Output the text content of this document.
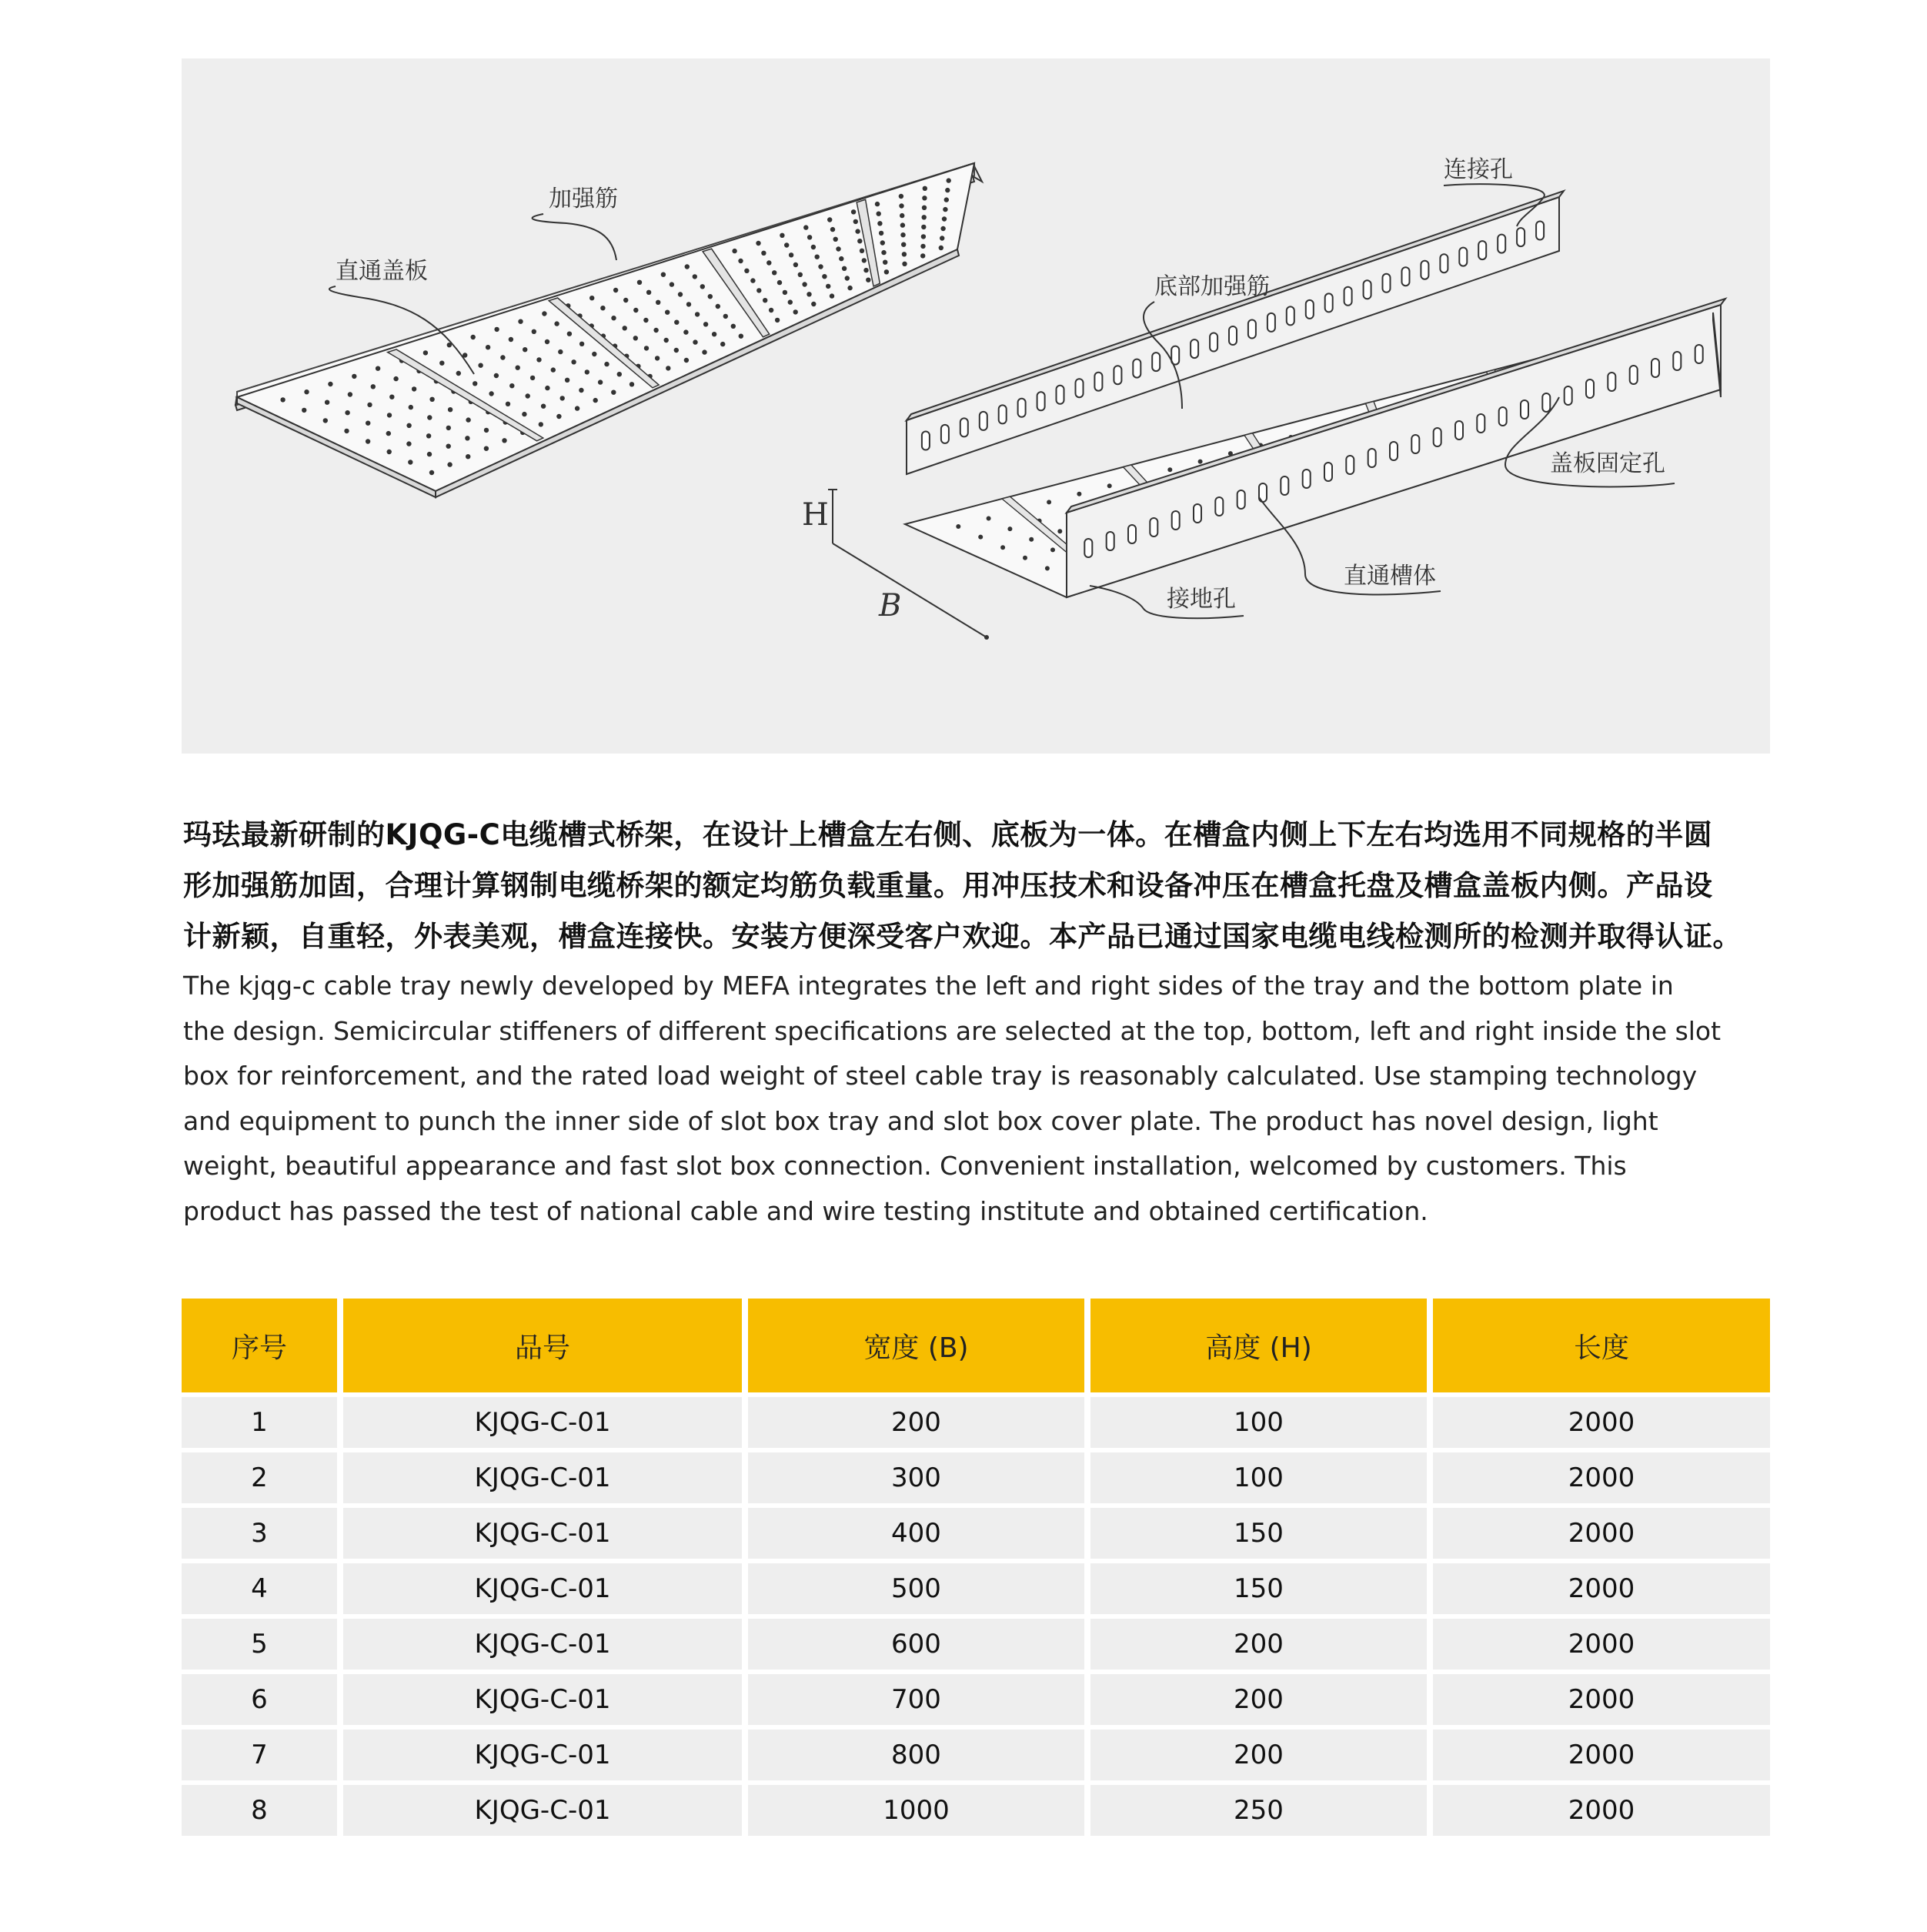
直通盖板
加强筋
连接孔
底部加强筋
盖板固定孔
直通槽体
接地孔
H
B
玛珐最新研制的KJQG-C电缆槽式桥架，在设计上槽盒左右侧、底板为一体。在槽盒内侧上下左右均选用不同规格的半圆
形加强筋加固，合理计算钢制电缆桥架的额定均筋负载重量。用冲压技术和设备冲压在槽盒托盘及槽盒盖板内侧。产品设
计新颖，自重轻，外表美观，槽盒连接快。安装方便深受客户欢迎。本产品已通过国家电缆电线检测所的检测并取得认证。
The kjqg-c cable tray newly developed by MEFA integrates the left and right sides of the tray and the bottom plate in
the design. Semicircular stiffeners of different specifications are selected at the top, bottom, left and right inside the slot
box for reinforcement, and the rated load weight of steel cable tray is reasonably calculated. Use stamping technology
and equipment to punch the inner side of slot box tray and slot box cover plate. The product has novel design, light
weight, beautiful appearance and fast slot box connection. Convenient installation, welcomed by customers. This
product has passed the test of national cable and wire testing institute and obtained certification.
序号	品号	宽度 (B)	高度 (H)	长度
1	KJQG-C-01	200	100	2000
2	KJQG-C-01	300	100	2000
3	KJQG-C-01	400	150	2000
4	KJQG-C-01	500	150	2000
5	KJQG-C-01	600	200	2000
6	KJQG-C-01	700	200	2000
7	KJQG-C-01	800	200	2000
8	KJQG-C-01	1000	250	2000
